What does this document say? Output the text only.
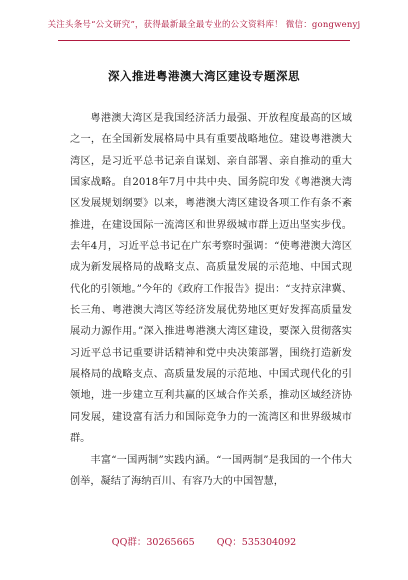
关注头条号“公文研究”，获得最新最全最专业的公文资料库！ 微信：gongwenyj
深入推进粤港澳大湾区建设专题深思

粤港澳大湾区是我国经济活力最强、开放程度最高的区域之一，在全国新发展格局中具有重要战略地位。建设粤港澳大湾区，是习近平总书记亲自谋划、亲自部署、亲自推动的重大国家战略。自2018年7月中共中央、国务院印发《粤港澳大湾区发展规划纲要》以来，粤港澳大湾区建设各项工作有条不紊推进，在建设国际一流湾区和世界级城市群上迈出坚实步伐。去年4月，习近平总书记在广东考察时强调：“使粤港澳大湾区成为新发展格局的战略支点、高质量发展的示范地、中国式现代化的引领地。”今年的《政府工作报告》提出：“支持京津冀、长三角、粤港澳大湾区等经济发展优势地区更好发挥高质量发展动力源作用。”深入推进粤港澳大湾区建设，要深入贯彻落实习近平总书记重要讲话精神和党中央决策部署，围绕打造新发展格局的战略支点、高质量发展的示范地、中国式现代化的引领地，进一步建立互利共赢的区域合作关系，推动区域经济协同发展，建设富有活力和国际竞争力的一流湾区和世界级城市群。

丰富“一国两制”实践内涵。“一国两制”是我国的一个伟大创举，凝结了海纳百川、有容乃大的中国智慧，

QQ群：30265665 QQ：535304092
